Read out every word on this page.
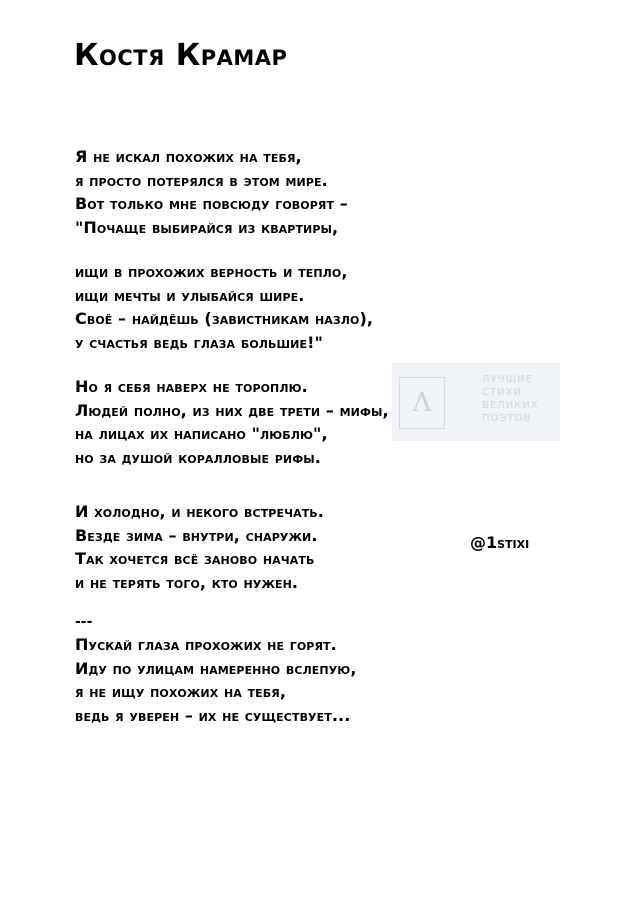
Λ
ЛУЧШИЕ
СТИХИ
ВЕЛИКИХ
ПОЭТОВ
Костя Крамар
Я не искал похожих на тебя,
я просто потерялся в этом мире.
Вот только мне повсюду говорят –
"Почаще выбирайся из квартиры,
ищи в прохожих верность и тепло,
ищи мечты и улыбайся шире.
Своё – найдёшь (завистникам назло),
у счастья ведь глаза большие!"
Но я себя наверх не тороплю.
Людей полно, из них две трети – мифы,
на лицах их написано "люблю",
но за душой коралловые рифы.
И холодно, и некого встречать.
Везде зима – внутри, снаружи.
Так хочется всё заново начать
и не терять того, кто нужен.
---
Пускай глаза прохожих не горят.
Иду по улицам намеренно вслепую,
я не ищу похожих на тебя,
ведь я уверен – их не существует...
@1stixi
